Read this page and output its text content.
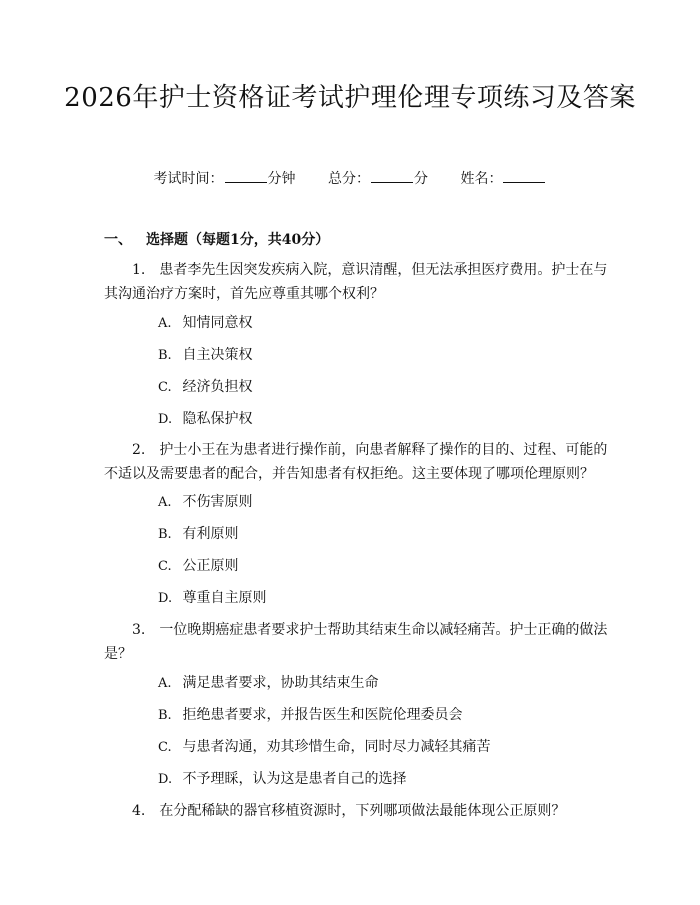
2026年护士资格证考试护理伦理专项练习及答案
考试时间：	分钟 总分：	分 姓名：
一、 选择题（每题1分，共40分）
1. 患者李先生因突发疾病入院，意识清醒，但无法承担医疗费用。护士在与其沟通治疗方案时，首先应尊重其哪个权利？
A. 知情同意权
B. 自主决策权
C. 经济负担权
D. 隐私保护权
2. 护士小王在为患者进行操作前，向患者解释了操作的目的、过程、可能的不适以及需要患者的配合，并告知患者有权拒绝。这主要体现了哪项伦理原则？
A. 不伤害原则
B. 有利原则
C. 公正原则
D. 尊重自主原则
3. 一位晚期癌症患者要求护士帮助其结束生命以减轻痛苦。护士正确的做法是？
A. 满足患者要求，协助其结束生命
B. 拒绝患者要求，并报告医生和医院伦理委员会
C. 与患者沟通，劝其珍惜生命，同时尽力减轻其痛苦
D. 不予理睬，认为这是患者自己的选择
4. 在分配稀缺的器官移植资源时，下列哪项做法最能体现公正原则？
